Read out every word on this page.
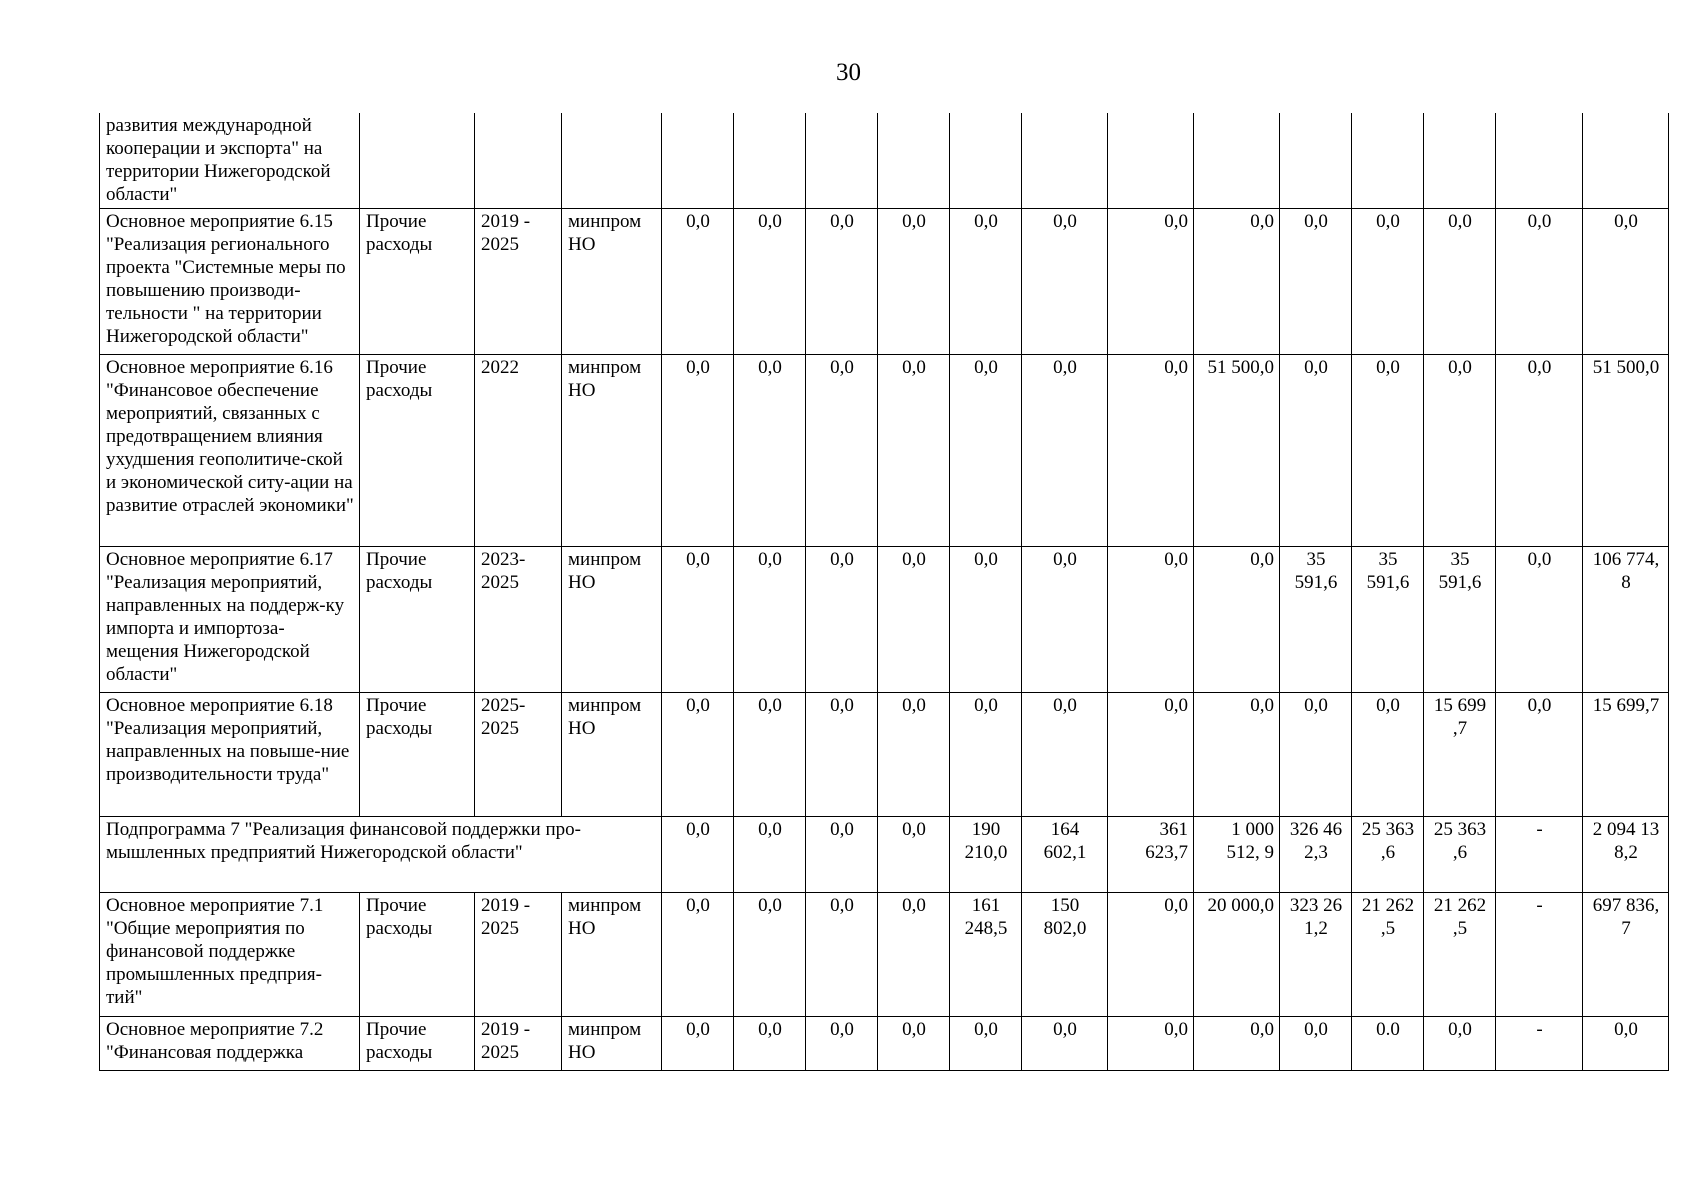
30
развития международной кооперации и экспорта" на территории Нижегородской области"																
Основное мероприятие 6.15 "Реализация регионального проекта "Системные меры по повышению производи-тельности " на территории Нижегородской области"	Прочие расходы	2019 - 2025	минпром НО	0,0	0,0	0,0	0,0	0,0	0,0	0,0	0,0	0,0	0,0	0,0	0,0	0,0
Основное мероприятие 6.16 "Финансовое обеспечение мероприятий, связанных с предотвращением влияния ухудшения геополитиче-ской и экономической ситу-ации на развитие отраслей экономики"	Прочие расходы	2022	минпром НО	0,0	0,0	0,0	0,0	0,0	0,0	0,0	51 500,0	0,0	0,0	0,0	0,0	51 500,0
Основное мероприятие 6.17 "Реализация мероприятий, направленных на поддерж-ку импорта и импортоза-мещения Нижегородской области"	Прочие расходы	2023-2025	минпром НО	0,0	0,0	0,0	0,0	0,0	0,0	0,0	0,0	35 591,6	35 591,6	35 591,6	0,0	106 774, 8
Основное мероприятие 6.18 "Реализация мероприятий, направленных на повыше-ние производительности труда"	Прочие расходы	2025-2025	минпром НО	0,0	0,0	0,0	0,0	0,0	0,0	0,0	0,0	0,0	0,0	15 699 ,7	0,0	15 699,7
Подпрограмма 7 "Реализация финансовой поддержки про-мышленных предприятий Нижегородской области"				0,0	0,0	0,0	0,0	190 210,0	164 602,1	361 623,7	1 000 512, 9	326 46 2,3	25 363 ,6	25 363 ,6	-	2 094 13 8,2
Основное мероприятие 7.1 "Общие мероприятия по финансовой поддержке промышленных предприя-тий"	Прочие расходы	2019 - 2025	минпром НО	0,0	0,0	0,0	0,0	161 248,5	150 802,0	0,0	20 000,0	323 26 1,2	21 262 ,5	21 262 ,5	-	697 836, 7
Основное мероприятие 7.2 "Финансовая поддержка	Прочие расходы	2019 - 2025	минпром НО	0,0	0,0	0,0	0,0	0,0	0,0	0,0	0,0	0,0	0.0	0,0	-	0,0
